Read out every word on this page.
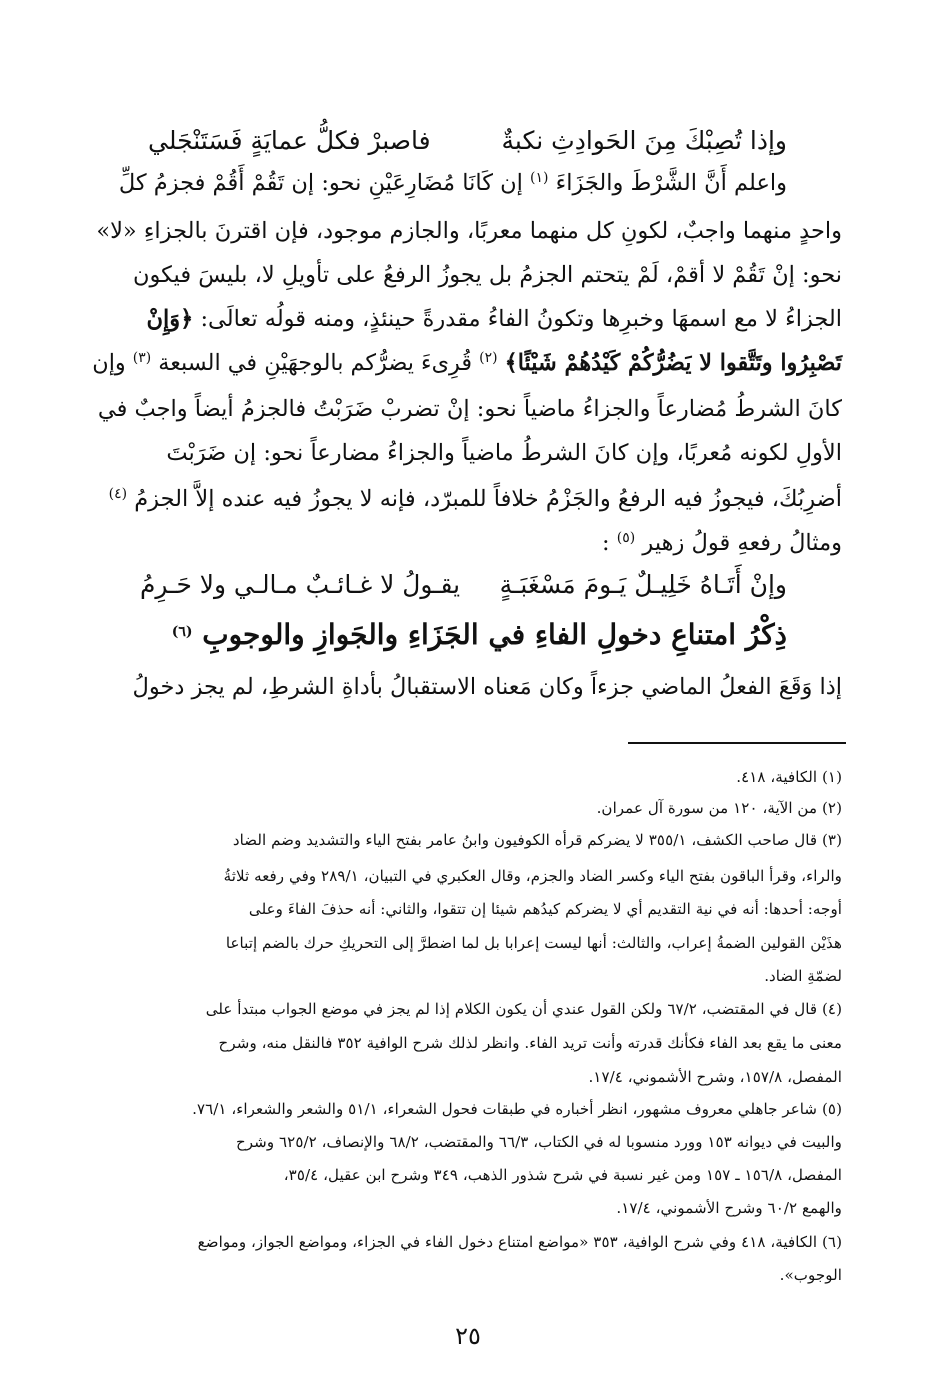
وإذا تُصِبْكَ مِنَ الحَوادِثِ نكبةٌ
فاصبرْ فكلُّ عمايَةٍ فَسَتَنْجَلي
واعلم أَنَّ الشَّرْطَ والجَزَاءَ $^{(١)}$ إن كَانَا مُضَارِعَيْنِ نحو: إن تَقُمْ أَقُمْ فجزمُ كلِّ
واحدٍ منهما واجبٌ، لكونِ كل منهما معربًا، والجازم موجود، فإن اقترنَ بالجزاءِ «لا»
نحو: إنْ تَقُمْ لا أقمْ، لَمْ يتحتم الجزمُ بل يجوزُ الرفعُ على تأويلِ لا، بليسَ فيكون
الجزاءُ لا مع اسمهَا وخبرِها وتكونُ الفاءُ مقدرةً حينئذٍ، ومنه قولُه تعالَى: ﴿وَإِنْ
تَصْبِرُوا وتَتَّقوا لا يَضُرُّكُمْ كَيْدُهُمْ شَيْئًا﴾ $^{(٢)}$ قُرِىءَ يضرُّكم بالوجهَيْنِ في السبعة $^{(٣)}$ وإن
كانَ الشرطُ مُضارعاً والجزاءُ ماضياً نحو: إنْ تضربْ ضَرَبْتُ فالجزمُ أيضاً واجبٌ في
الأولِ لكونه مُعربًا، وإن كانَ الشرطُ ماضياً والجزاءُ مضارعاً نحو: إن ضَرَبْتَ
أضرِبُكَ، فيجوزُ فيه الرفعُ والجَزْمُ خلافاً للمبرّد، فإنه لا يجوزُ فيه عنده إلاَّ الجزمُ $^{(٤)}$
ومثالُ رفعهِ قولُ زهير $^{(٥)}$ :
وإنْ أَتَـاهُ خَلِيـلٌ يَـومَ مَسْغَبَـةٍ
يقـولُ لا غـائـبٌ مـالـي ولا حَـرِمُ
ذِكْرُ امتناعِ دخولِ الفاءِ في الجَزَاءِ والجَوازِ والوجوبِ $^{(٦)}$
إذا وَقَعَ الفعلُ الماضي جزءاً وكان مَعناه الاستقبالُ بأداةِ الشرطِ، لم يجز دخولُ
(١) الكافية، ٤١٨.
(٢) من الآية، ١٢٠ من سورة آل عمران.
(٣) قال صاحب الكشف، ٣٥٥/١ لا يضركم قرأه الكوفيون وابنُ عامر بفتح الياء والتشديد وضم الضاد
والراء، وقرأ الباقون بفتح الياء وكسر الضاد والجزم، وقال العكبري في التبيان، ٢٨٩/١ وفي رفعه ثلاثةُ
أوجه: أحدها: أنه في نية التقديم أي لا يضركم كيدُهم شيئا إن تتقوا، والثاني: أنه حذفَ الفاءَ وعلى
هذَيْن القولين الضمةُ إعراب، والثالث: أنها ليست إعرابا بل لما اضطرَّ إلى التحريكِ حرك بالضم إتباعا
لضمّةِ الضاد.
(٤) قال في المقتضب، ٦٧/٢ ولكن القول عندي أن يكون الكلام إذا لم يجز في موضع الجواب مبتدأ على
معنى ما يقع بعد الفاء فكأنك قدرته وأنت تريد الفاء. وانظر لذلك شرح الوافية ٣٥٢ فالنقل منه، وشرح
المفصل، ١٥٧/٨، وشرح الأشموني، ١٧/٤.
(٥) شاعر جاهلي معروف مشهور، انظر أخباره في طبقات فحول الشعراء، ٥١/١ والشعر والشعراء، ٧٦/١.
والبيت في ديوانه ١٥٣ وورد منسوبا له في الكتاب، ٦٦/٣ والمقتضب، ٦٨/٢ والإنصاف، ٦٢٥/٢ وشرح
المفصل، ١٥٦/٨ ـ ١٥٧ ومن غير نسبة في شرح شذور الذهب، ٣٤٩ وشرح ابن عقيل، ٣٥/٤،
والهمع ٦٠/٢ وشرح الأشموني، ١٧/٤.
(٦) الكافية، ٤١٨ وفي شرح الوافية، ٣٥٣ «مواضع امتناع دخول الفاء في الجزاء، ومواضع الجواز، ومواضع
الوجوب».
٢٥
